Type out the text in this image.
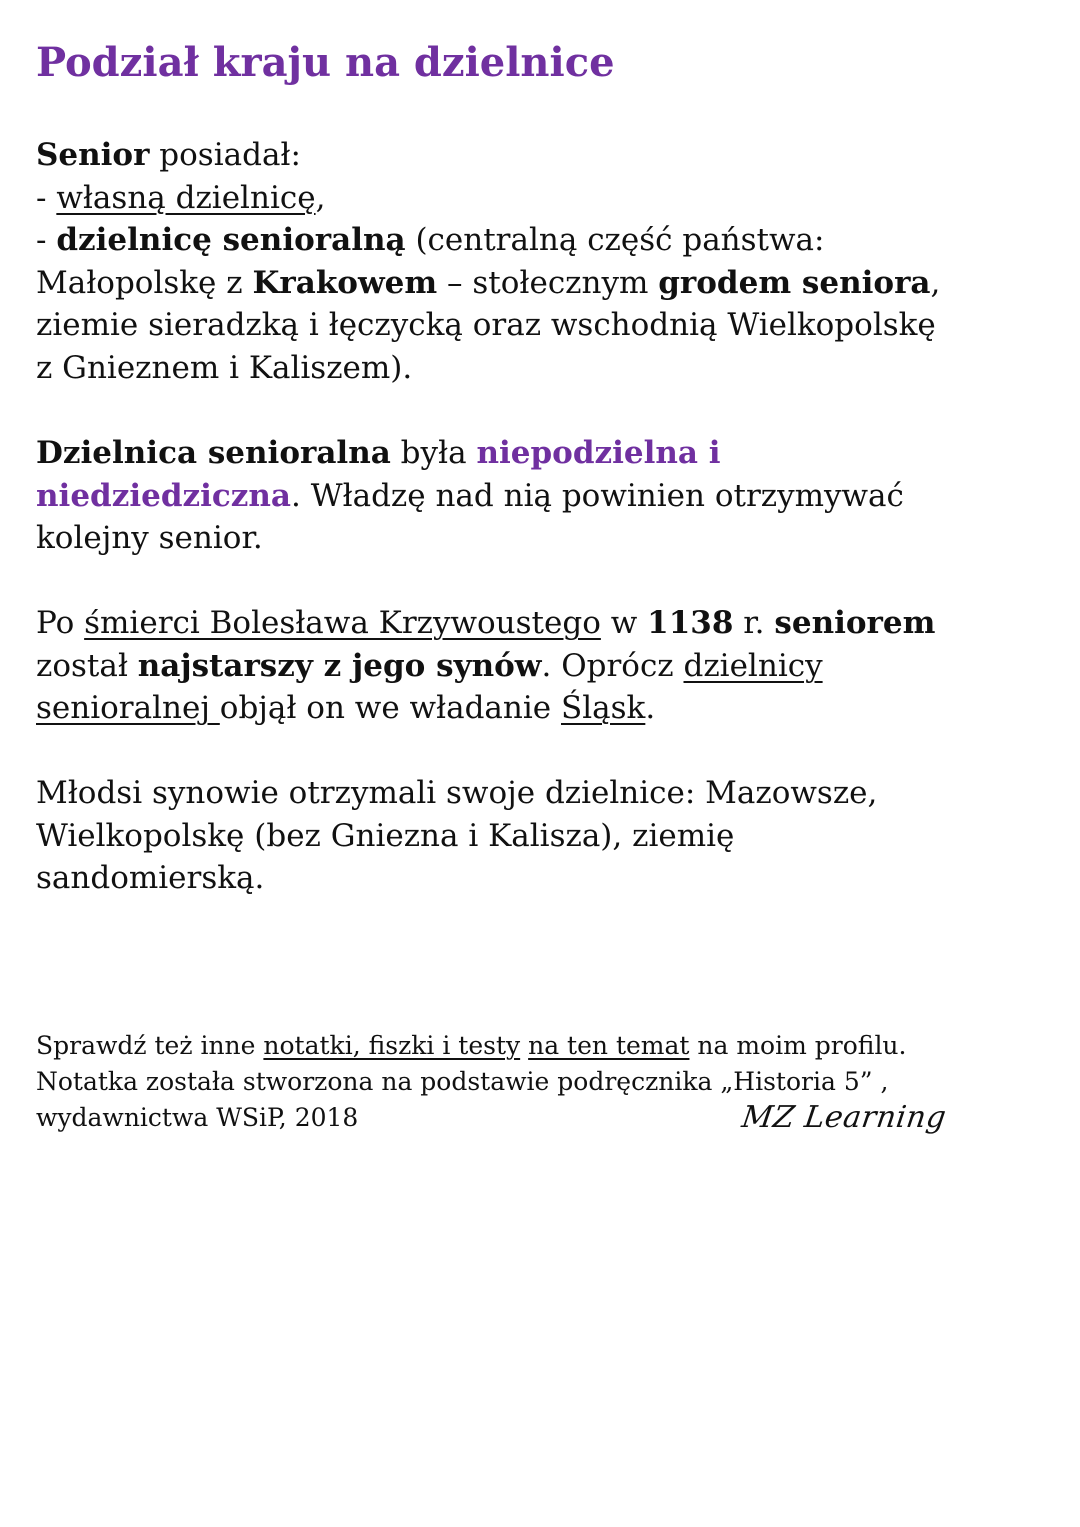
Podział kraju na dzielnice

Senior posiadał:
- własną dzielnicę,
- dzielnicę senioralną (centralną część państwa:
Małopolskę z Krakowem – stołecznym grodem seniora,
ziemie sieradzką i łęczycką oraz wschodnią Wielkopolskę
z Gnieznem i Kaliszem).

Dzielnica senioralna była niepodzielna i
niedziedziczna. Władzę nad nią powinien otrzymywać
kolejny senior.

Po śmierci Bolesława Krzywoustego w 1138 r. seniorem
został najstarszy z jego synów. Oprócz dzielnicy
senioralnej objął on we władanie Śląsk.

Młodsi synowie otrzymali swoje dzielnice: Mazowsze,
Wielkopolskę (bez Gniezna i Kalisza), ziemię
sandomierską.

Sprawdź też inne notatki, fiszki i testy na ten temat na moim profilu.
Notatka została stworzona na podstawie podręcznika „Historia 5” ,
wydawnictwa WSiP, 2018	MZ Learning
